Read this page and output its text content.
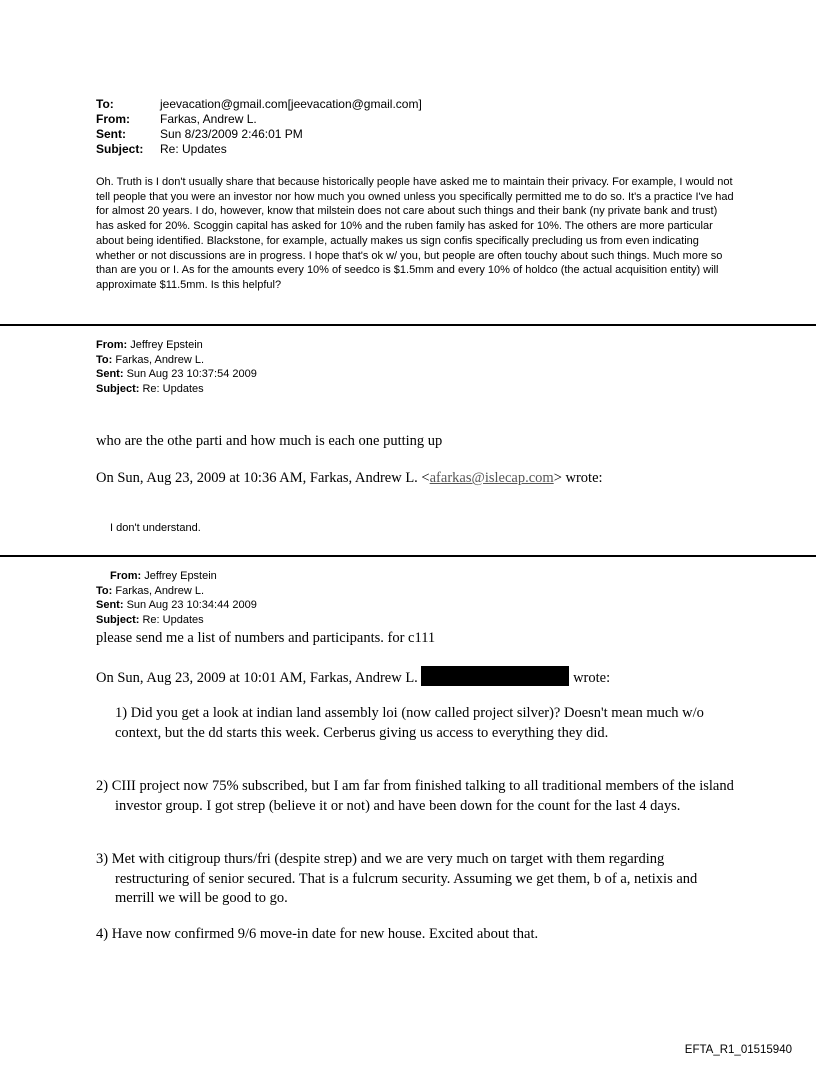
To:	jeevacation@gmail.com[jeevacation@gmail.com]
From:	Farkas, Andrew L.
Sent:	Sun 8/23/2009 2:46:01 PM
Subject:	Re: Updates
Oh. Truth is I don't usually share that because historically people have asked me to maintain their privacy. For example, I would not tell people that you were an investor nor how much you owned unless you specifically permitted me to do so. It's a practice I've had for almost 20 years. I do, however, know that milstein does not care about such things and their bank (ny private bank and trust) has asked for 20%. Scoggin capital has asked for 10% and the ruben family has asked for 10%. The others are more particular about being identified. Blackstone, for example, actually makes us sign confis specifically precluding us from even indicating whether or not discussions are in progress. I hope that's ok w/ you, but people are often touchy about such things. Much more so than are you or I. As for the amounts every 10% of seedco is $1.5mm and every 10% of holdco (the actual acquisition entity) will approximate $11.5mm. Is this helpful?
From: Jeffrey Epstein
To: Farkas, Andrew L.
Sent: Sun Aug 23 10:37:54 2009
Subject: Re: Updates
who are the othe parti and how much is each one putting up
On Sun, Aug 23, 2009 at 10:36 AM, Farkas, Andrew L. <afarkas@islecap.com> wrote:
I don't understand.
From: Jeffrey Epstein
To: Farkas, Andrew L.
Sent: Sun Aug 23 10:34:44 2009
Subject: Re: Updates
please send me a list of numbers and participants. for c111
On Sun, Aug 23, 2009 at 10:01 AM, Farkas, Andrew L.	wrote:

1) Did you get a look at indian land assembly loi (now called project silver)? Doesn't mean much w/o context, but the dd starts this week. Cerberus giving us access to everything they did.

2) CIII project now 75% subscribed, but I am far from finished talking to all traditional members of the island investor group. I got strep (believe it or not) and have been down for the count for the last 4 days.

3) Met with citigroup thurs/fri (despite strep) and we are very much on target with them regarding restructuring of senior secured. That is a fulcrum security. Assuming we get them, b of a, netixis and merrill we will be good to go.

4) Have now confirmed 9/6 move-in date for new house. Excited about that.

EFTA_R1_01515940
